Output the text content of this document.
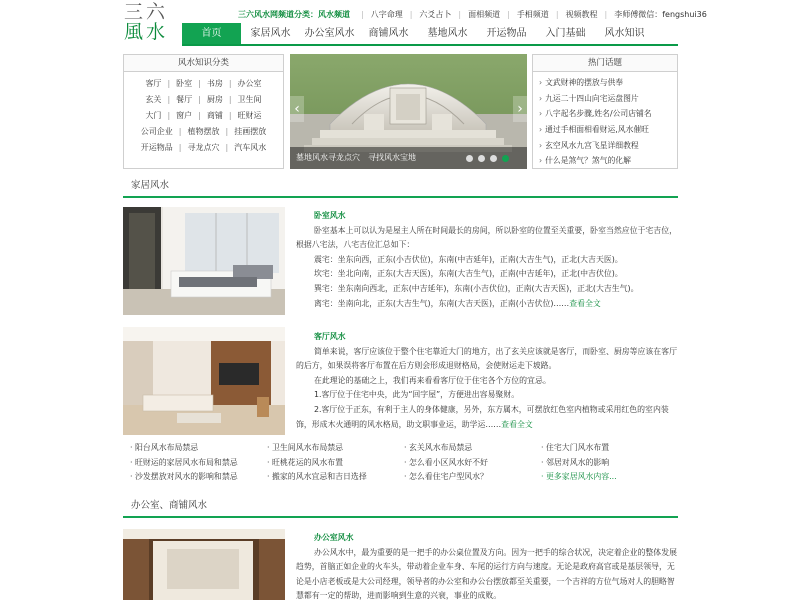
三六
風水
三六风水网频道分类：风水频道 | 八字命理 | 六爻占卜 | 面相频道 | 手相频道 | 视频教程 | 李师傅微信：fengshui36
首页	家居风水	办公室风水	商铺风水	墓地风水	开运物品	入门基础	风水知识
风水知识分类
客厅 | 卧室 | 书房 | 办公室
玄关 | 餐厅 | 厨房 | 卫生间
大门 | 窗户 | 商铺 | 旺财运
公司企业 | 植物摆放 | 挂画摆放
开运物品 | 寻龙点穴 | 汽车风水
‹	›
墓地风水寻龙点穴　寻找风水宝地
热门话题
› 文武财神的摆放与供奉
› 九运二十四山向宅运盘图片
› 八字起名步骤,姓名/公司店铺名
› 通过手相面相看财运,风水催旺
› 玄空风水九宫飞星详细教程
› 什么是煞气？煞气的化解
家居风水
卧室风水

卧室基本上可以认为是屋主人所在时间最长的房间，所以卧室的位置至关重要，卧室当然应位于宅吉位，根据八宅法，八宅吉位汇总如下：

震宅：坐东向西，正东(小吉伏位)，东南(中吉延年)，正南(大吉生气)，正北(大吉天医)。
坎宅：坐北向南，正东(大吉天医)，东南(大吉生气)，正南(中吉延年)，正北(中吉伏位)。
巽宅：坐东南向西北，正东(中吉延年)，东南(小吉伏位)，正南(大吉天医)，正北(大吉生气)。
离宅：坐南向北，正东(大吉生气)，东南(大吉天医)，正南(小吉伏位)……查看全文
客厅风水

简单来说，客厅应该位于整个住宅靠近大门的地方，出了玄关应该就是客厅，而卧室、厨房等应该在客厅的后方，如果误将客厅布置在后方则会形成退财格局，会使财运走下坡路。

在此理论的基础之上，我们再来看看客厅位于住宅各个方位的宜忌。

1.客厅位于住宅中央，此为“回字屋”，方便进出容易聚财。

2.客厅位于正东，有利于主人的身体健康，另外，东方属木，可摆放红色室内植物或采用红色的室内装饰，形成木火通明的风水格局，助文职事业运，助学运……查看全文

· 阳台风水布局禁忌	· 卫生间风水布局禁忌	· 玄关风水布局禁忌	· 住宅大门风水布置
· 旺财运的家居风水布局和禁忌	· 旺桃花运的风水布置	· 怎么看小区风水好不好	· 邻居对风水的影响
· 沙发摆放对风水的影响和禁忌	· 搬家的风水宜忌和吉日选择	· 怎么看住宅户型风水？	· 更多家居风水内容...
办公室、商铺风水
办公室风水

办公风水中，最为重要的是一把手的办公桌位置及方向。因为一把手的综合状况，决定着企业的整体发展趋势，首脑正如企业的火车头，带动着企业车身、车尾的运行方向与速度。无论是政府高官或是基层领导，无论是小店老板或是大公司经理，领导者的办公室和办公台摆放都至关重要，一个吉祥的方位气场对人的胆略智慧都有一定的帮助，进而影响到生意的兴衰，事业的成败。
